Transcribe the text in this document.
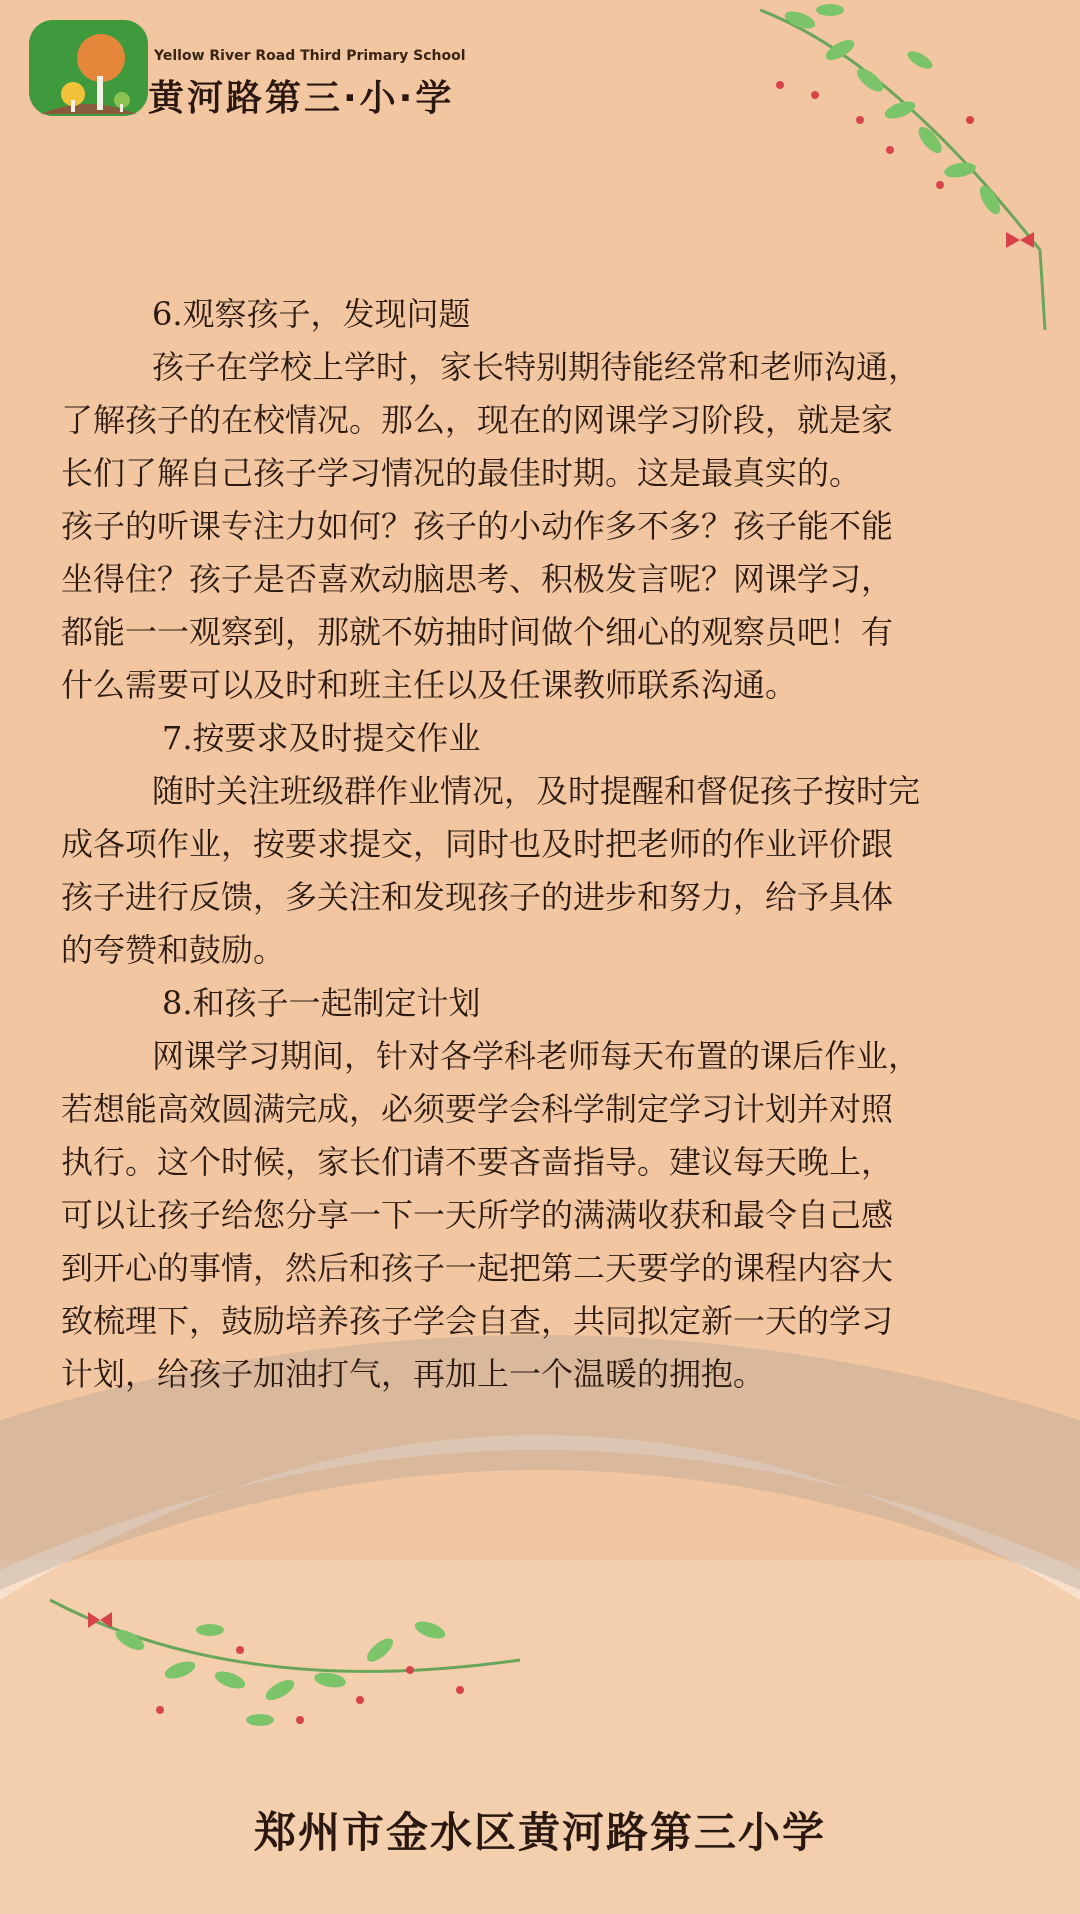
Yellow River Road Third Primary School
黄河路第三·小·学
6.观察孩子，发现问题
孩子在学校上学时，家长特别期待能经常和老师沟通，
了解孩子的在校情况。那么，现在的网课学习阶段，就是家
长们了解自己孩子学习情况的最佳时期。这是最真实的。
孩子的听课专注力如何？孩子的小动作多不多？孩子能不能
坐得住？孩子是否喜欢动脑思考、积极发言呢？网课学习，
都能一一观察到，那就不妨抽时间做个细心的观察员吧！有
什么需要可以及时和班主任以及任课教师联系沟通。
7.按要求及时提交作业
随时关注班级群作业情况，及时提醒和督促孩子按时完
成各项作业，按要求提交，同时也及时把老师的作业评价跟
孩子进行反馈，多关注和发现孩子的进步和努力，给予具体
的夸赞和鼓励。
8.和孩子一起制定计划
网课学习期间，针对各学科老师每天布置的课后作业，
若想能高效圆满完成，必须要学会科学制定学习计划并对照
执行。这个时候，家长们请不要吝啬指导。建议每天晚上，
可以让孩子给您分享一下一天所学的满满收获和最令自己感
到开心的事情，然后和孩子一起把第二天要学的课程内容大
致梳理下，鼓励培养孩子学会自查，共同拟定新一天的学习
计划，给孩子加油打气，再加上一个温暖的拥抱。
郑州市金水区黄河路第三小学
